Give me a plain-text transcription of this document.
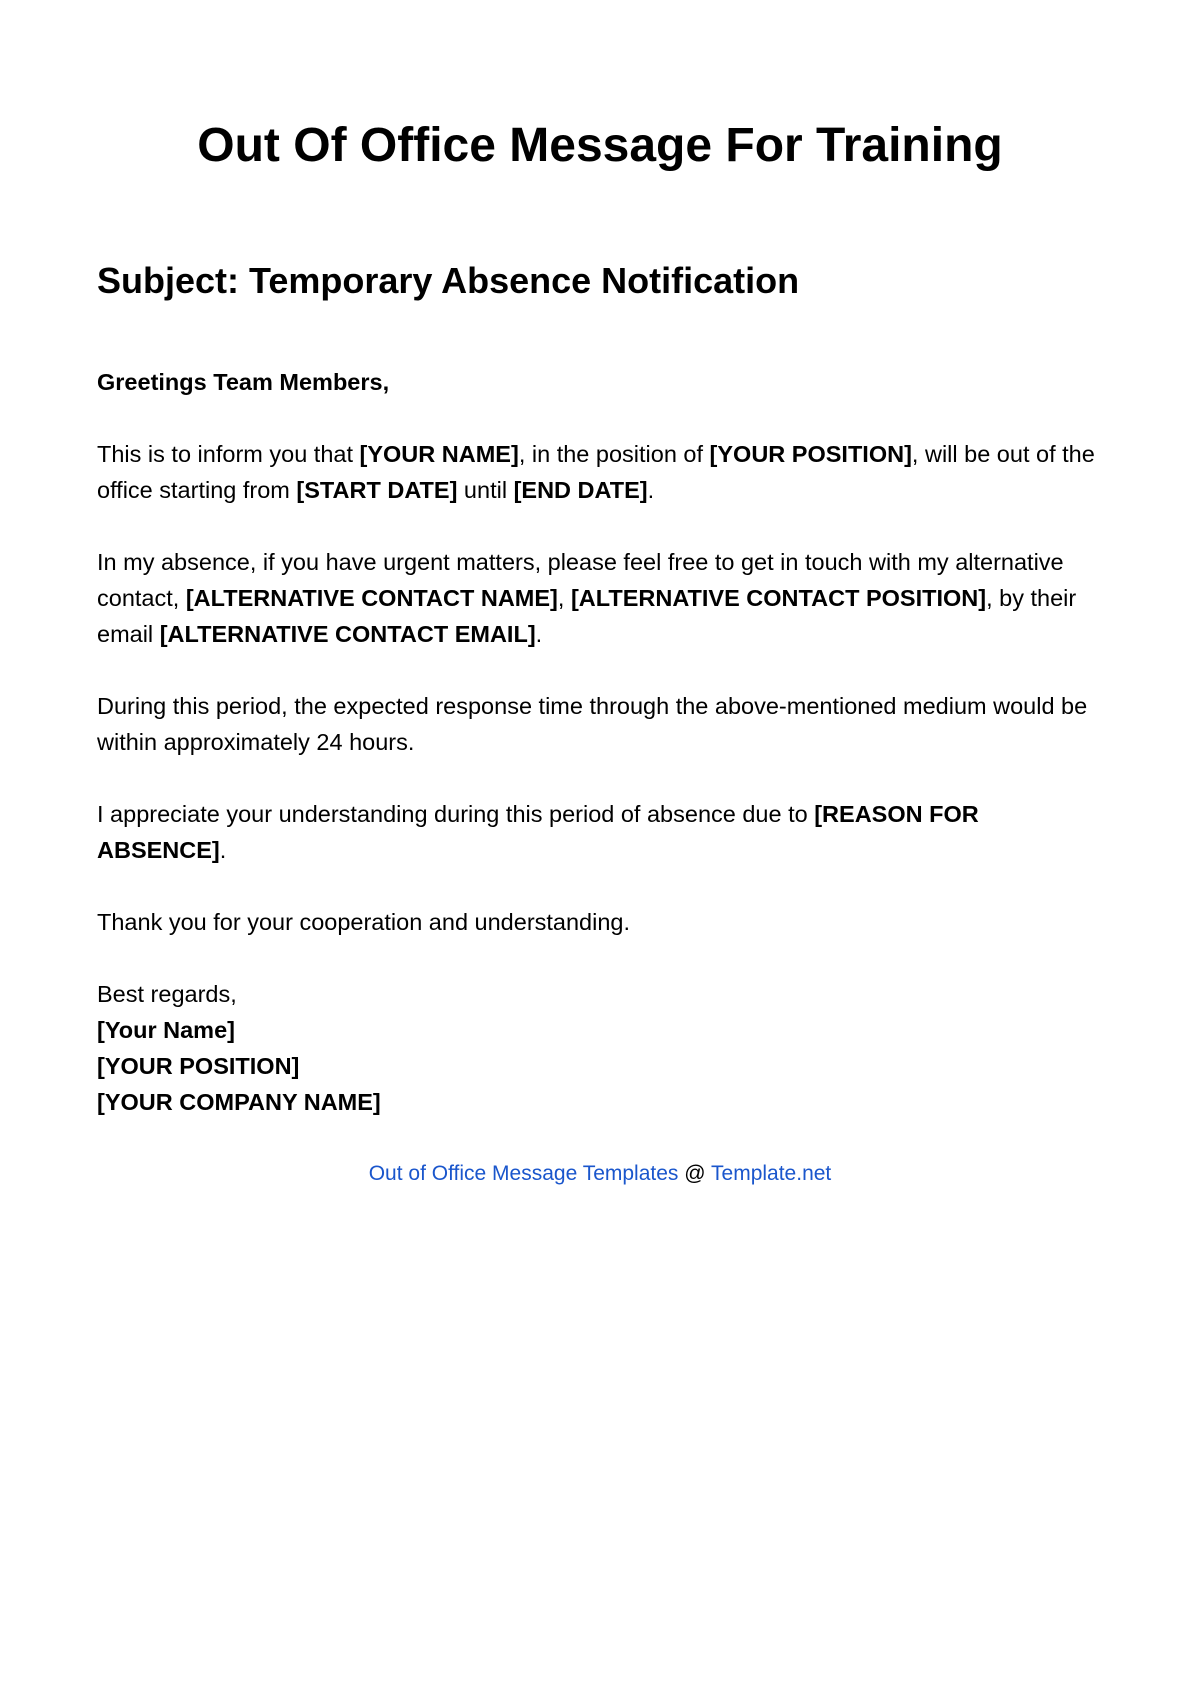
Out Of Office Message For Training
Subject: Temporary Absence Notification

Greetings Team Members,

This is to inform you that [YOUR NAME], in the position of [YOUR POSITION], will be out of the office starting from [START DATE] until [END DATE].

In my absence, if you have urgent matters, please feel free to get in touch with my alternative contact, [ALTERNATIVE CONTACT NAME], [ALTERNATIVE CONTACT POSITION], by their email [ALTERNATIVE CONTACT EMAIL].

During this period, the expected response time through the above-mentioned medium would be within approximately 24 hours.

I appreciate your understanding during this period of absence due to [REASON FOR ABSENCE].

Thank you for your cooperation and understanding.

Best regards,
[Your Name]
[YOUR POSITION]
[YOUR COMPANY NAME]
Out of Office Message Templates @ Template.net
